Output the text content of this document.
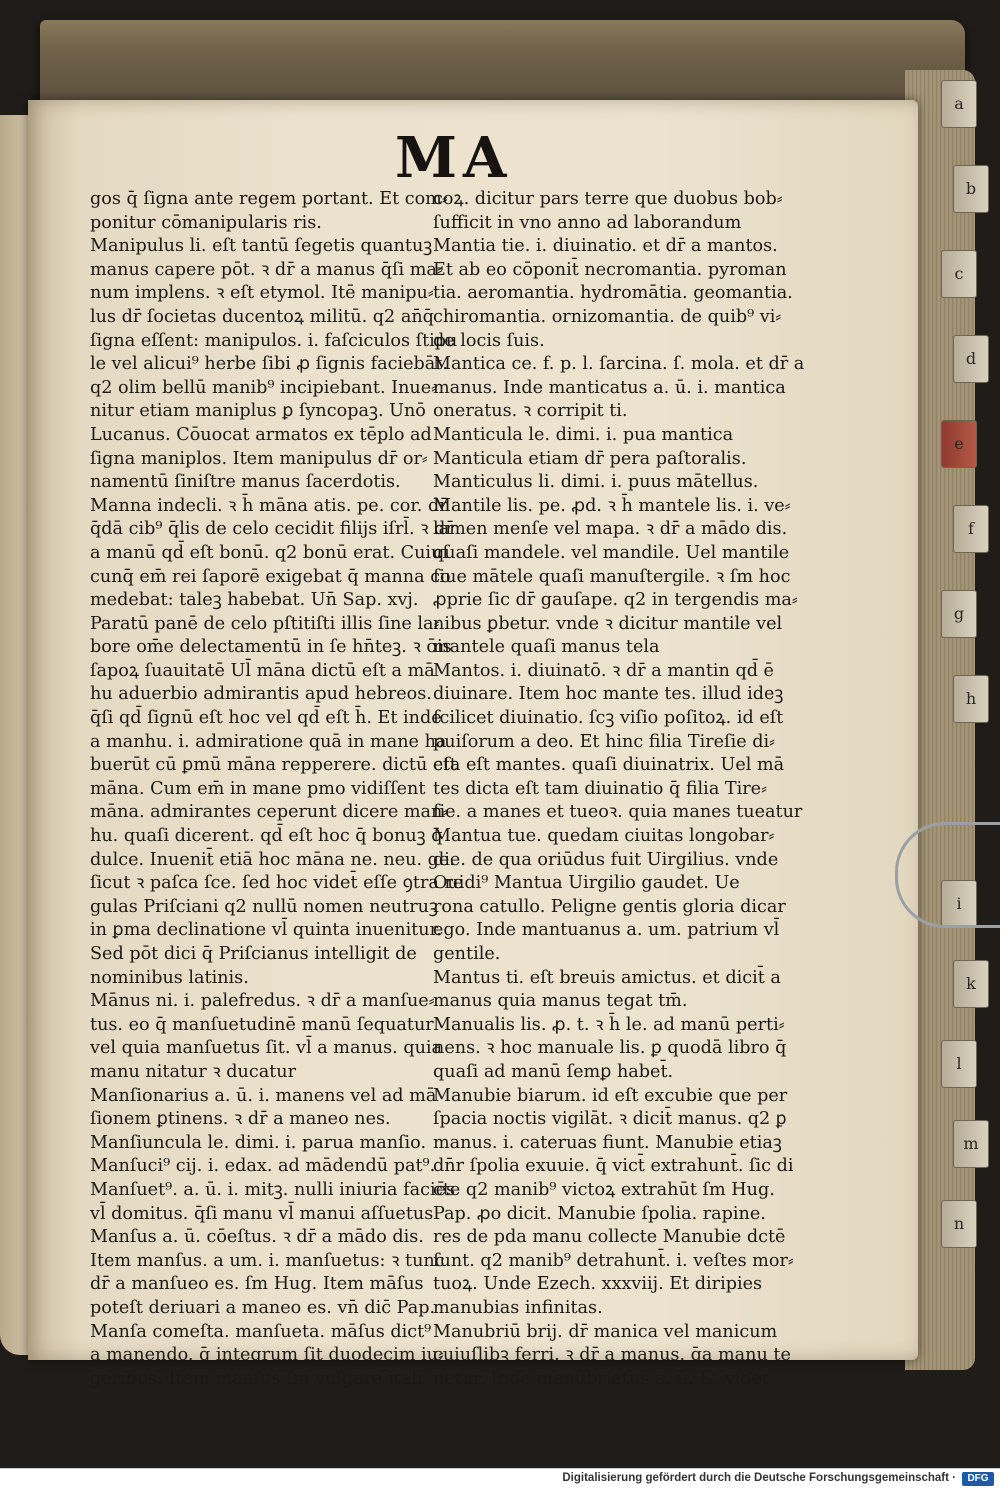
a
b
c
d
e
f
g
h
i
k
l
m
n
MA
gos q̄ ſigna ante regem portant. Et com⸗
ponitur cōmanipularis ris.
Manipulus li. eſt tantū ſegetis quantuꝫ
manus capere pōt. ꝛ dr̄ a manus q̄ſi ma⸗
num implens. ꝛ eſt etymol. Itē manipu⸗
lus dr̄ ſocietas ducentoꝝ militū. q2 an̄q̄
ſigna eſſent: manipulos. i. faſciculos ſtipu
le vel alicui⁹ herbe ſibi ꝓ ſignis faciebāt.
q2 olim bellū manib⁹ incipiebant. Inue⸗
nitur etiam maniplus ꝑ ſyncopaꝫ. Unō
Lucanus. Cōuocat armatos ex tēplo ad
ſigna maniplos. Item manipulus dr̄ or⸗
namentū ſiniſtre manus ſacerdotis.
Manna indecli. ꝛ h̄ māna atis. pe. cor. dr̄
q̄dā cib⁹ q̄lis de celo cecidit filijs iſrl̄. ꝛ dr̄
a manū qd̄ eſt bonū. q2 bonū erat. Cuiuſ
cunq̄ em̄ rei ſaporē exigebat q̄ manna co
medebat: taleꝫ habebat. Un̄ Sap. xvj.
Paratū panē de celo pſtitiſti illis ſine la⸗
bore om̄e delectamentū in ſe hn̄teꝫ. ꝛ ōis
ſapoꝝ ſuauitatē Ul̄ māna dictū eſt a mā
hu aduerbio admirantis apud hebreos.
q̄ſi qd̄ ſignū eſt hoc vel qd̄ eſt h̄. Et inde
a manhu. i. admiratione quā in mane ha
buerūt cū ꝑmū māna repperere. dictū eſt
māna. Cum em̄ in mane pmo vidiſſent
māna. admirantes ceperunt dicere man⸗
hu. quaſi dicerent. qd̄ eſt hoc q̄ bonuꝫ q̄
dulce. Inuenit̄ etiā hoc māna ne. neu. ge.
ſicut ꝛ paſca ſce. ſed hoc videt̄ eſſe ꝯtra re
gulas Priſciani q2 nullū nomen neutruꝫ
in ꝑma declinatione vl̄ quinta inuenitur.
Sed pōt dici q̄ Priſcianus intelligit de
nominibus latinis.
Mānus ni. i. palefredus. ꝛ dr̄ a manſue⸗
tus. eo q̄ manſuetudinē manū ſequatur
vel quia manſuetus ſit. vl̄ a manus. quia
manu nitatur ꝛ ducatur
Manſionarius a. ū. i. manens vel ad mā
ſionem ꝑtinens. ꝛ dr̄ a maneo nes.
Manſiuncula le. dimi. i. parua manſio.
Manſuci⁹ cij. i. edax. ad mādendū pat⁹.
Manſuet⁹. a. ū. i. mitꝫ. nulli iniuria faciēs
vl̄ domitus. q̄ſi manu vl̄ manui aſſuetus
Manſus a. ū. cōeſtus. ꝛ dr̄ a mādo dis.
Item manſus. a um. i. manſuetus: ꝛ tunc
dr̄ a manſueo es. ſm Hug. Item māſus
poteſt deriuari a maneo es. vn̄ dic̄ Pap.
Manſa comeſta. manſueta. māſus dict⁹
a manendo. q̄ integrum ſit duodecim iu⸗
geribus. Item manſus ſm vulgare itali
coꝝ. dicitur pars terre que duobus bob⸗
ſufficit in vno anno ad laborandum
Mantia tie. i. diuinatio. et dr̄ a mantos.
Et ab eo cōponit̄ necromantia. pyroman
tia. aeromantia. hydromātia. geomantia.
chiromantia. ornizomantia. de quib⁹ vi⸗
de locis ſuis.
Mantica ce. f. p. l. ſarcina. ſ. mola. et dr̄ a
manus. Inde manticatus a. ū. i. mantica
oneratus. ꝛ corripit ti.
Manticula le. dimi. i. pua mantica
Manticula etiam dr̄ pera paſtoralis.
Manticulus li. dimi. i. puus mātellus.
Mantile lis. pe. ꝓd. ꝛ h̄ mantele lis. i. ve⸗
lamen menſe vel mapa. ꝛ dr̄ a mādo dis.
quaſi mandele. vel mandile. Uel mantile
ſiue mātele quaſi manuſtergile. ꝛ ſm hoc
ꝓprie ſic dr̄ gauſape. q2 in tergendis ma⸗
nibus ꝑbetur. vnde ꝛ dicitur mantile vel
mantele quaſi manus tela
Mantos. i. diuinatō. ꝛ dr̄ a mantin qd̄ ē
diuinare. Item hoc mante tes. illud ideꝫ
ſcilicet diuinatio. ſcꝫ viſio poſitoꝝ. id eſt
puiſorum a deo. Et hinc filia Tireſie di⸗
cta eſt mantes. quaſi diuinatrix. Uel mā
tes dicta eſt tam diuinatio q̄ filia Tire⸗
ſie. a manes et tueoꝛ. quia manes tueatur
Mantua tue. quedam ciuitas longobar⸗
die. de qua oriūdus fuit Uirgilius. vnde
Ouidi⁹ Mantua Uirgilio gaudet. Ue
rona catullo. Peligne gentis gloria dicar
ego. Inde mantuanus a. um. patrium vl̄
gentile.
Mantus ti. eſt breuis amictus. et dicit̄ a
manus quia manus tegat tm̄.
Manualis lis. ꝓ. t. ꝛ h̄ le. ad manū perti⸗
nens. ꝛ hoc manuale lis. ꝑ quodā libro q̄
quaſi ad manū ſemꝑ habet̄.
Manubie biarum. id eſt excubie que per
ſpacia noctis vigilāt. ꝛ dicit̄ manus. q2 ꝑ
manus. i. cateruas fiunt. Manubie etiaꝫ
dn̄r ſpolia exuuie. q̄ vict̄ extrahunt̄. ſic di
cte q2 manib⁹ victoꝝ extrahūt ſm Hug.
Pap. ꝓo dicit. Manubie ſpolia. rapine.
res de pda manu collecte Manubie dctē
ſunt. q2 manib⁹ detrahunt̄. i. veſtes mor⸗
tuoꝝ. Unde Ezech. xxxviij. Et diripies
manubias infinitas.
Manubriū brij. dr̄ manica vel manicum
cuiuſlibꝫ ferri. ꝛ dr̄ a manus. q̄a manu te
netur. Inde manubriatus a. ū. Et videt̄
Digitalisierung gefördert durch die Deutsche Forschungsgemeinschaft ·	DFG
